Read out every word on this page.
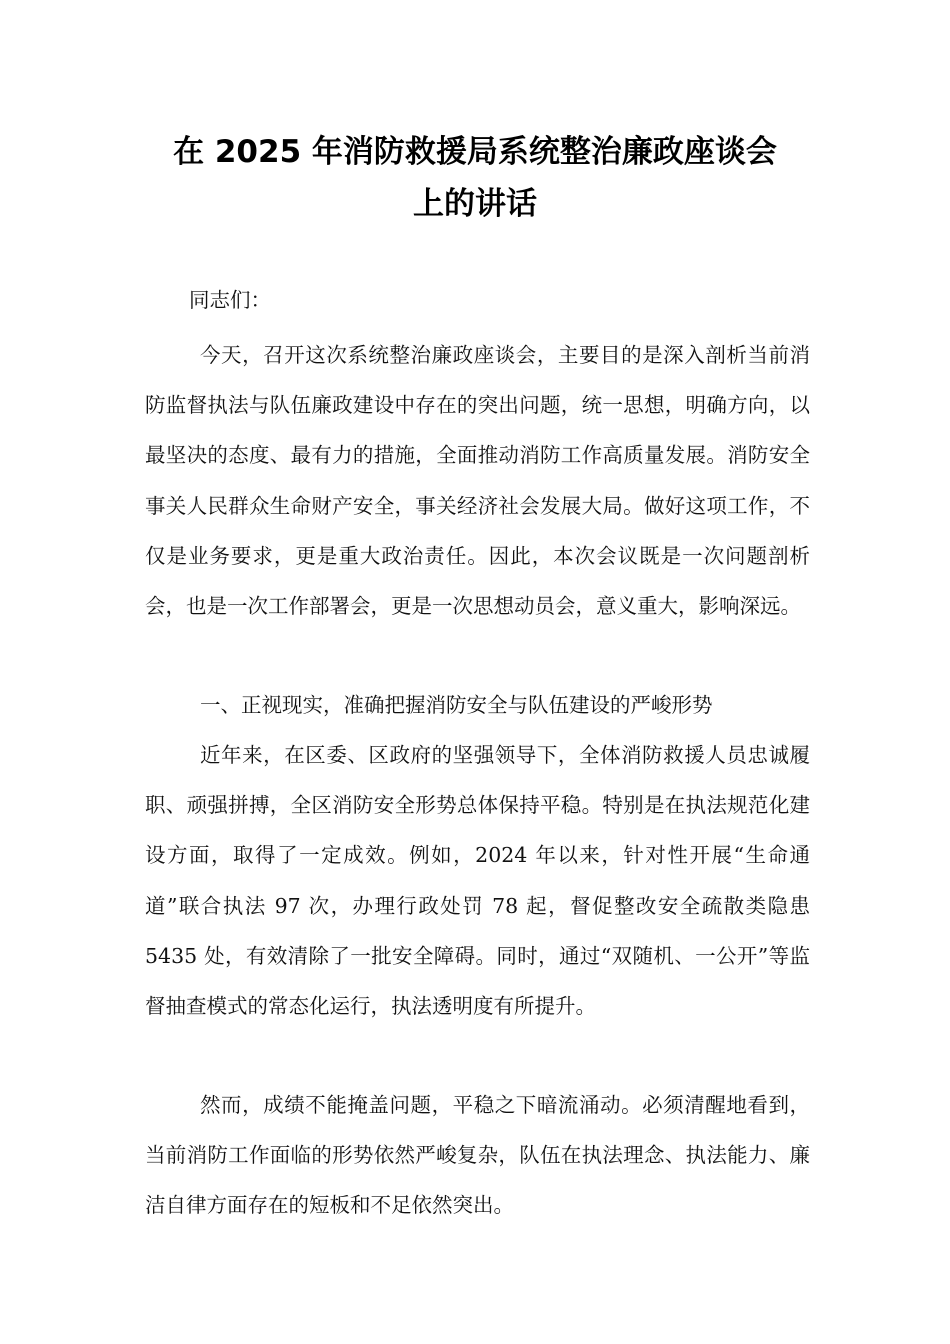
在 2025 年消防救援局系统整治廉政座谈会
上的讲话
同志们：

今天，召开这次系统整治廉政座谈会，主要目的是深入剖析当前消防监督执法与队伍廉政建设中存在的突出问题，统一思想，明确方向，以最坚决的态度、最有力的措施，全面推动消防工作高质量发展。消防安全事关人民群众生命财产安全，事关经济社会发展大局。做好这项工作，不仅是业务要求，更是重大政治责任。因此，本次会议既是一次问题剖析会，也是一次工作部署会，更是一次思想动员会，意义重大，影响深远。

一、正视现实，准确把握消防安全与队伍建设的严峻形势

近年来，在区委、区政府的坚强领导下，全体消防救援人员忠诚履职、顽强拼搏，全区消防安全形势总体保持平稳。特别是在执法规范化建设方面，取得了一定成效。例如，2024 年以来，针对性开展“生命通道”联合执法 97 次，办理行政处罚 78 起，督促整改安全疏散类隐患 5435 处，有效清除了一批安全障碍。同时，通过“双随机、一公开”等监督抽查模式的常态化运行，执法透明度有所提升。

然而，成绩不能掩盖问题，平稳之下暗流涌动。必须清醒地看到，当前消防工作面临的形势依然严峻复杂，队伍在执法理念、执法能力、廉洁自律方面存在的短板和不足依然突出。
